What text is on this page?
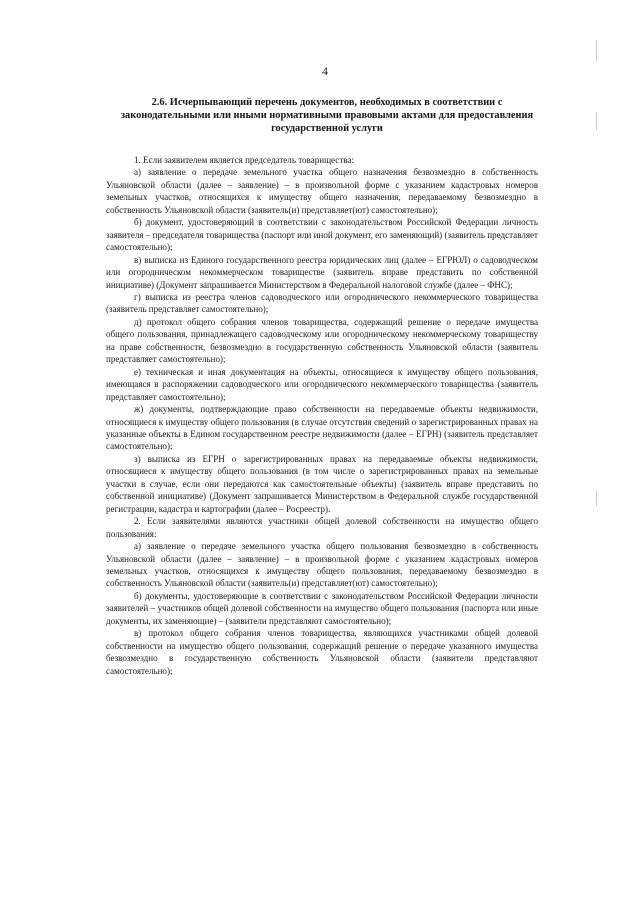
4
2.6. Исчерпывающий перечень документов, необходимых в соответствии с законодательными или иными нормативными правовыми актами для предоставления государственной услуги

1. Если заявителем является председатель товарищества:

а) заявление о передаче земельного участка общего назначения безвозмездно в собственность Ульяновской области (далее – заявление) – в произвольной форме с указанием кадастровых номеров земельных участков, относящихся к имуществу общего назначения, передаваемому безвозмездно в собственность Ульяновской области (заявитель(и) представляет(ют) самостоятельно);

б) документ, удостоверяющий в соответствии с законодательством Российской Федерации личность заявителя – председателя товарищества (паспорт или иной документ, его заменяющий) (заявитель представляет самостоятельно);

в) выписка из Единого государственного реестра юридических лиц (далее – ЕГРЮЛ) о садоводческом или огородническом некоммерческом товариществе (заявитель вправе представить по собственной инициативе) (Документ запрашивается Министерством в Федеральной налоговой службе (далее – ФНС);

г) выписка из реестра членов садоводческого или огороднического некоммерческого товарищества (заявитель представляет самостоятельно);

д) протокол общего собрания членов товарищества, содержащий решение о передаче имущества общего пользования, принадлежащего садоводческому или огородническому некоммерческому товариществу на праве собственности, безвозмездно в государственную собственность Ульяновской области (заявитель представляет самостоятельно);

е) техническая и иная документация на объекты, относящиеся к имуществу общего пользования, имеющаяся в распоряжении садоводческого или огороднического некоммерческого товарищества (заявитель представляет самостоятельно);

ж) документы, подтверждающие право собственности на передаваемые объекты недвижимости, относящиеся к имуществу общего пользования (в случае отсутствия сведений о зарегистрированных правах на указанные объекты в Едином государственном реестре недвижимости (далее – ЕГРН) (заявитель представляет самостоятельно);

з) выписка из ЕГРН о зарегистрированных правах на передаваемые объекты недвижимости, относящиеся к имуществу общего пользования (в том числе о зарегистрированных правах на земельные участки в случае, если они передаются как самостоятельные объекты) (заявитель вправе представить по собственной инициативе) (Документ запрашивается Министерством в Федеральной службе государственной регистрации, кадастра и картографии (далее – Росреестр).

2. Если заявителями являются участники общей долевой собственности на имущество общего пользования:

а) заявление о передаче земельного участка общего пользования безвозмездно в собственность Ульяновской области (далее – заявление) – в произвольной форме с указанием кадастровых номеров земельных участков, относящихся к имуществу общего пользования, передаваемому безвозмездно в собственность Ульяновской области (заявитель(и) представляет(ют) самостоятельно);

б) документы, удостоверяющие в соответствии с законодательством Российской Федерации личности заявителей – участников общей долевой собственности на имущество общего пользования (паспорта или иные документы, их заменяющие) – (заявители представляют самостоятельно);

в) протокол общего собрания членов товарищества, являющихся участниками общей долевой собственности на имущество общего пользования, содержащий решение о передаче указанного имущества безвозмездно в государственную собственность Ульяновской области (заявители представляют самостоятельно);
